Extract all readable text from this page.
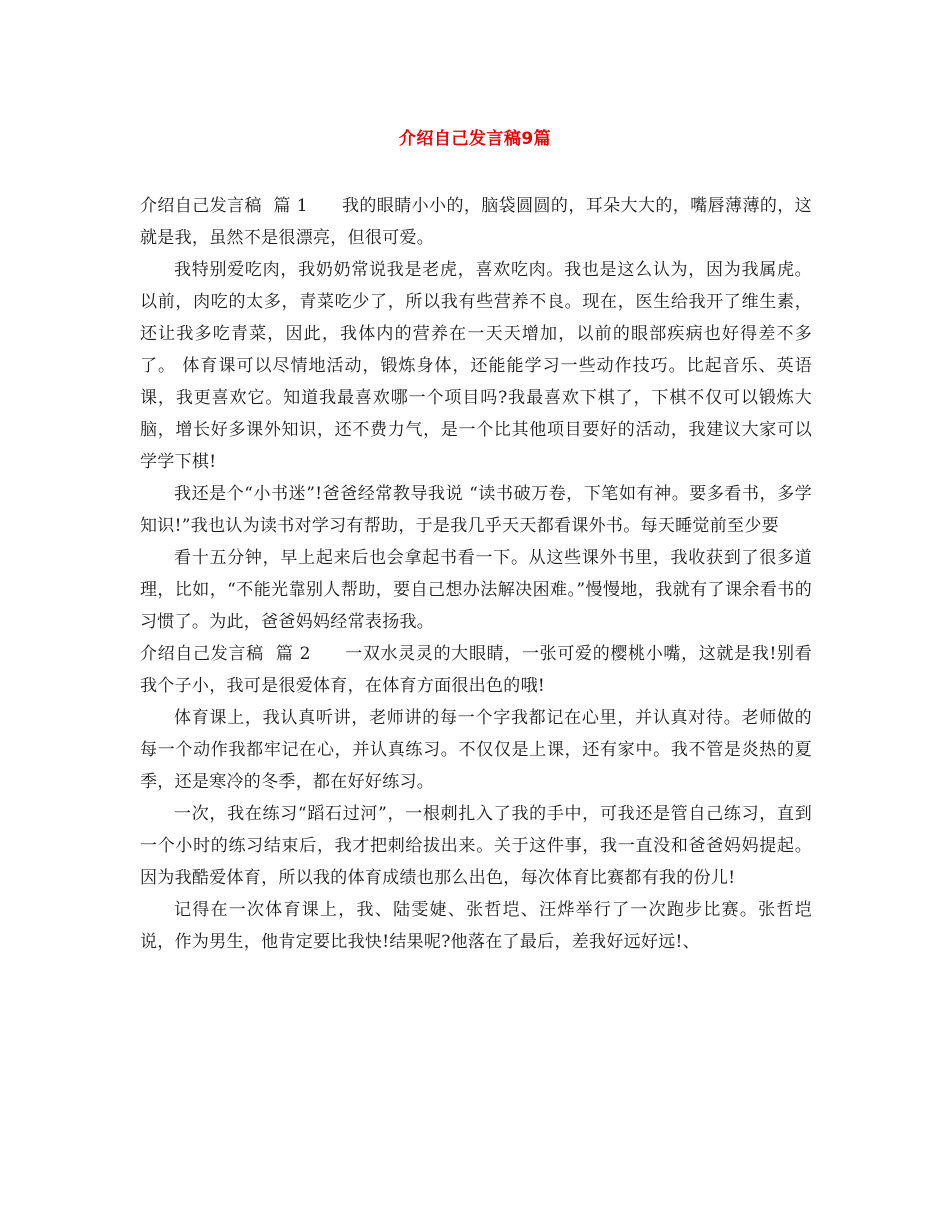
介绍自己发言稿9篇

介绍自己发言稿  篇 1 我的眼睛小小的，脑袋圆圆的，耳朵大大的，嘴唇薄薄的，这就是我，虽然不是很漂亮，但很可爱。

我特别爱吃肉，我奶奶常说我是老虎，喜欢吃肉。我也是这么认为，因为我属虎。以前，肉吃的太多，青菜吃少了，所以我有些营养不良。现在，医生给我开了维生素，还让我多吃青菜，因此，我体内的营养在一天天增加，以前的眼部疾病也好得差不多了。 体育课可以尽情地活动，锻炼身体，还能能学习一些动作技巧。比起音乐、英语课，我更喜欢它。知道我最喜欢哪一个项目吗?我最喜欢下棋了，下棋不仅可以锻炼大脑，增长好多课外知识，还不费力气，是一个比其他项目要好的活动，我建议大家可以学学下棋!

我还是个“小书迷”!爸爸经常教导我说 “读书破万卷，下笔如有神。要多看书，多学知识!”我也认为读书对学习有帮助，于是我几乎天天都看课外书。每天睡觉前至少要

看十五分钟，早上起来后也会拿起书看一下。从这些课外书里，我收获到了很多道理，比如，“不能光靠别人帮助，要自己想办法解决困难。”慢慢地，我就有了课余看书的习惯了。为此，爸爸妈妈经常表扬我。

介绍自己发言稿  篇 2 一双水灵灵的大眼睛，一张可爱的樱桃小嘴，这就是我!别看我个子小，我可是很爱体育，在体育方面很出色的哦!

体育课上，我认真听讲，老师讲的每一个字我都记在心里，并认真对待。老师做的每一个动作我都牢记在心，并认真练习。不仅仅是上课，还有家中。我不管是炎热的夏季，还是寒冷的冬季，都在好好练习。

一次，我在练习“蹈石过河”，一根刺扎入了我的手中，可我还是管自己练习，直到一个小时的练习结束后，我才把刺给拔出来。关于这件事，我一直没和爸爸妈妈提起。 因为我酷爱体育，所以我的体育成绩也那么出色，每次体育比赛都有我的份儿!

记得在一次体育课上，我、陆雯婕、张哲垲、汪烨举行了一次跑步比赛。张哲垲说，作为男生，他肯定要比我快!结果呢?他落在了最后，差我好远好远!、
